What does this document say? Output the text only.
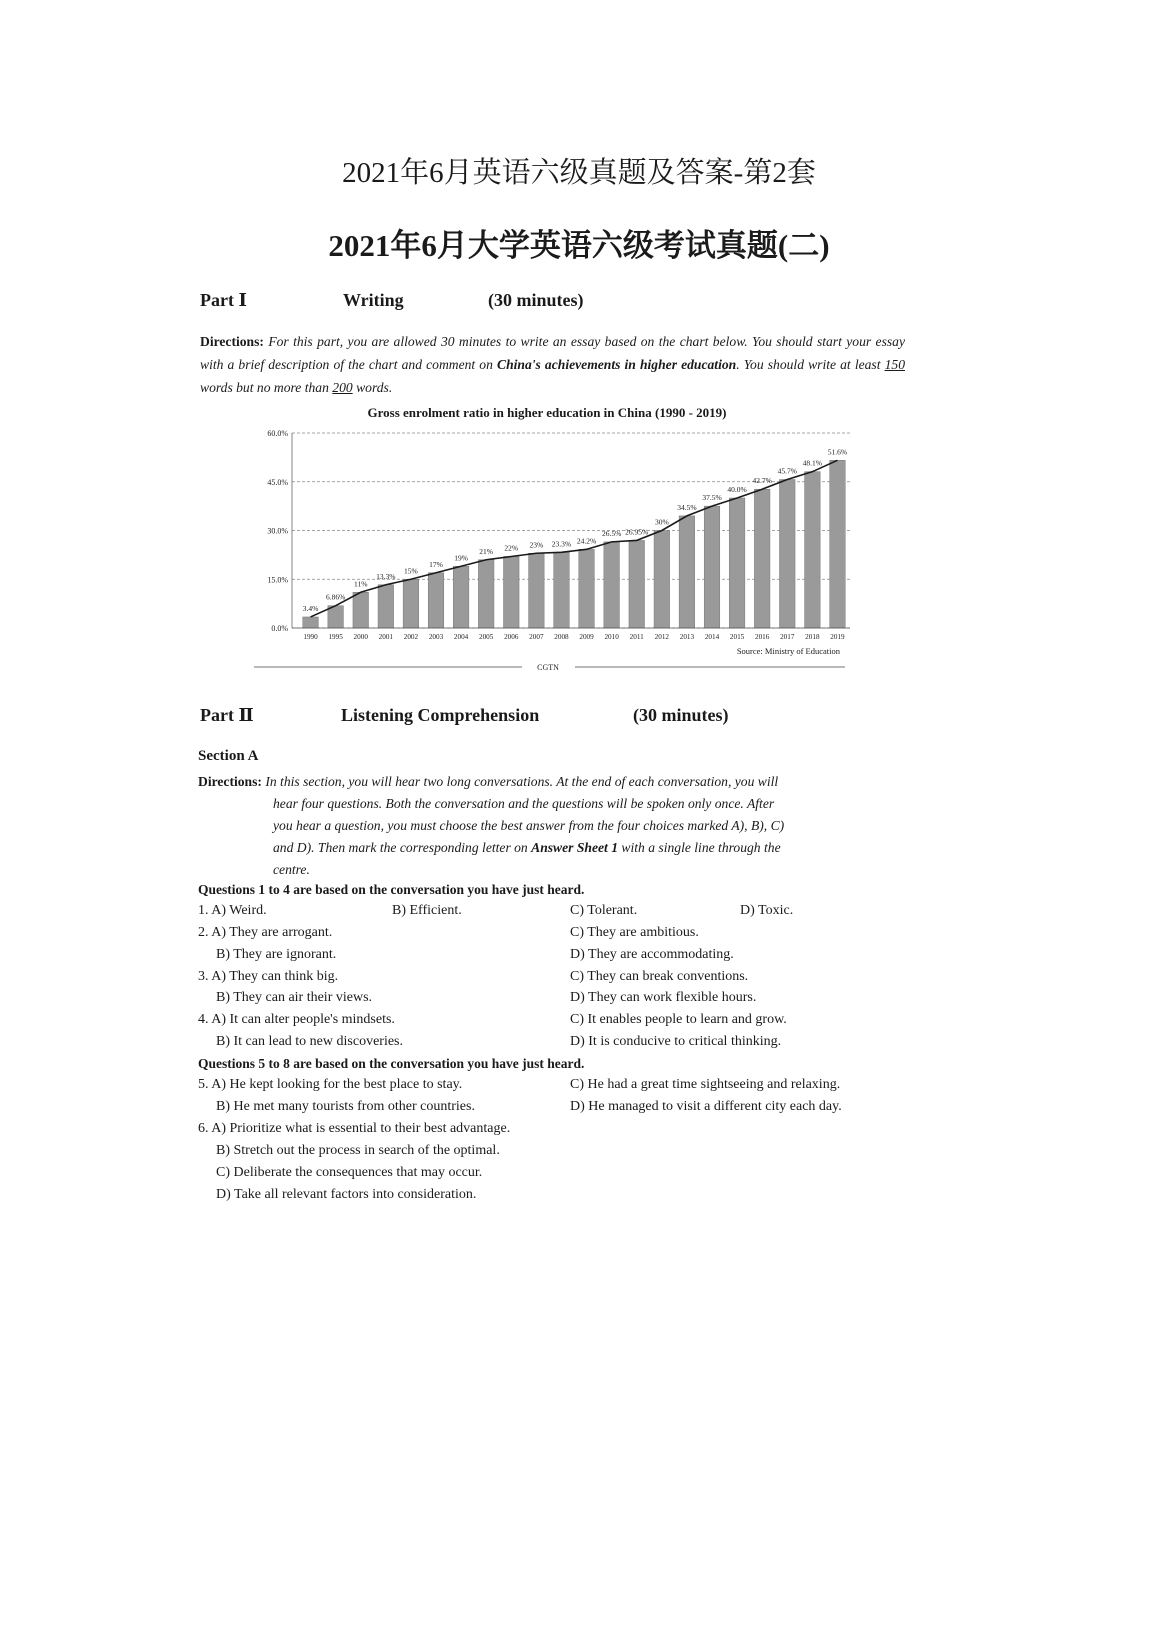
2021年6月英语六级真题及答案-第2套
2021年6月大学英语六级考试真题(二)
Part Ⅰ	Writing	(30 minutes)
Directions: For this part, you are allowed 30 minutes to write an essay based on the chart below. You should start your essay with a brief description of the chart and comment on China's achievements in higher education. You should write at least 150 words but no more than 200 words.
Gross enrolment ratio in higher education in China (1990 - 2019)
0.0%
15.0%
30.0%
45.0%
60.0%
1990 1995 2000 2001 2002 2003 2004 2005 2006 2007 2008 2009 2010 2011 2012 2013 2014 2015 2016 2017 2018 2019
3.4%
6.86%
11%
13.3%
15%
17%
19%
21% 22% 23% 23.3% 24.2%
26.5% 26.95%
30%
34.5%
37.5%
40.0%
42.7%
45.7%
48.1%
51.6%
Source: Ministry of Education
CGTN
Part Ⅱ	Listening Comprehension	(30 minutes)
Section A
Directions: In this section, you will hear two long conversations. At the end of each conversation, you will
hear four questions. Both the conversation and the questions will be spoken only once. After
you hear a question, you must choose the best answer from the four choices marked A), B), C)
and D). Then mark the corresponding letter on Answer Sheet 1 with a single line through the
centre.
Questions 1 to 4 are based on the conversation you have just heard.
1. A) Weird.	B) Efficient.	C) Tolerant.	D) Toxic.
2. A) They are arrogant.	C) They are ambitious.
B) They are ignorant.	D) They are accommodating.
3. A) They can think big.	C) They can break conventions.
B) They can air their views.	D) They can work flexible hours.
4. A) It can alter people's mindsets.	C) It enables people to learn and grow.
B) It can lead to new discoveries.	D) It is conducive to critical thinking.
Questions 5 to 8 are based on the conversation you have just heard.
5. A) He kept looking for the best place to stay.	C) He had a great time sightseeing and relaxing.
B) He met many tourists from other countries.	D) He managed to visit a different city each day.
6. A) Prioritize what is essential to their best advantage.
B) Stretch out the process in search of the optimal.
C) Deliberate the consequences that may occur.
D) Take all relevant factors into consideration.
